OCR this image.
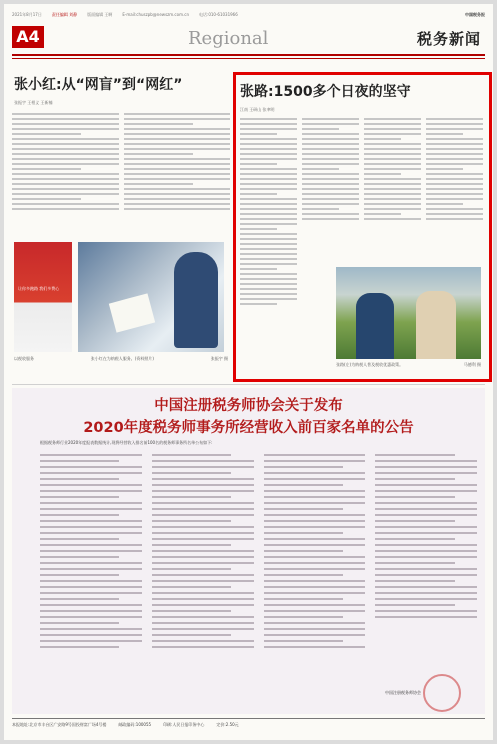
2021年8月17日	责任编辑 刘静	版面编辑 王啊	E-mail:chuszpb@newszm.com.cn	电话:010-61031966	中国税务报
A4	Regional	税务新闻
张小红:从“网盲”到“网红”
张振宇 王相义 王新楠
让你多跑路 我们多费心
以税收服务	张小红在为纳税人服务。(资料照片)	张振宇 摄
张路:1500多个日夜的坚守
江南 王研山 张聿明
张路(左)为纳税人普及税收优惠政策。	马德利 摄
中国注册税务师协会关于发布
2020年度税务师事务所经营收入前百家名单的公告
根据税务师行业2020年度报表数据统计,现将经营收入排名前100名的税务师事务所名单公布如下:
中国注册税务师协会
本报地址:北京市丰台区广安路9号国投财富广场4号楼	邮政编码:100055	印刷:人民日报印务中心	定价:2.50元
